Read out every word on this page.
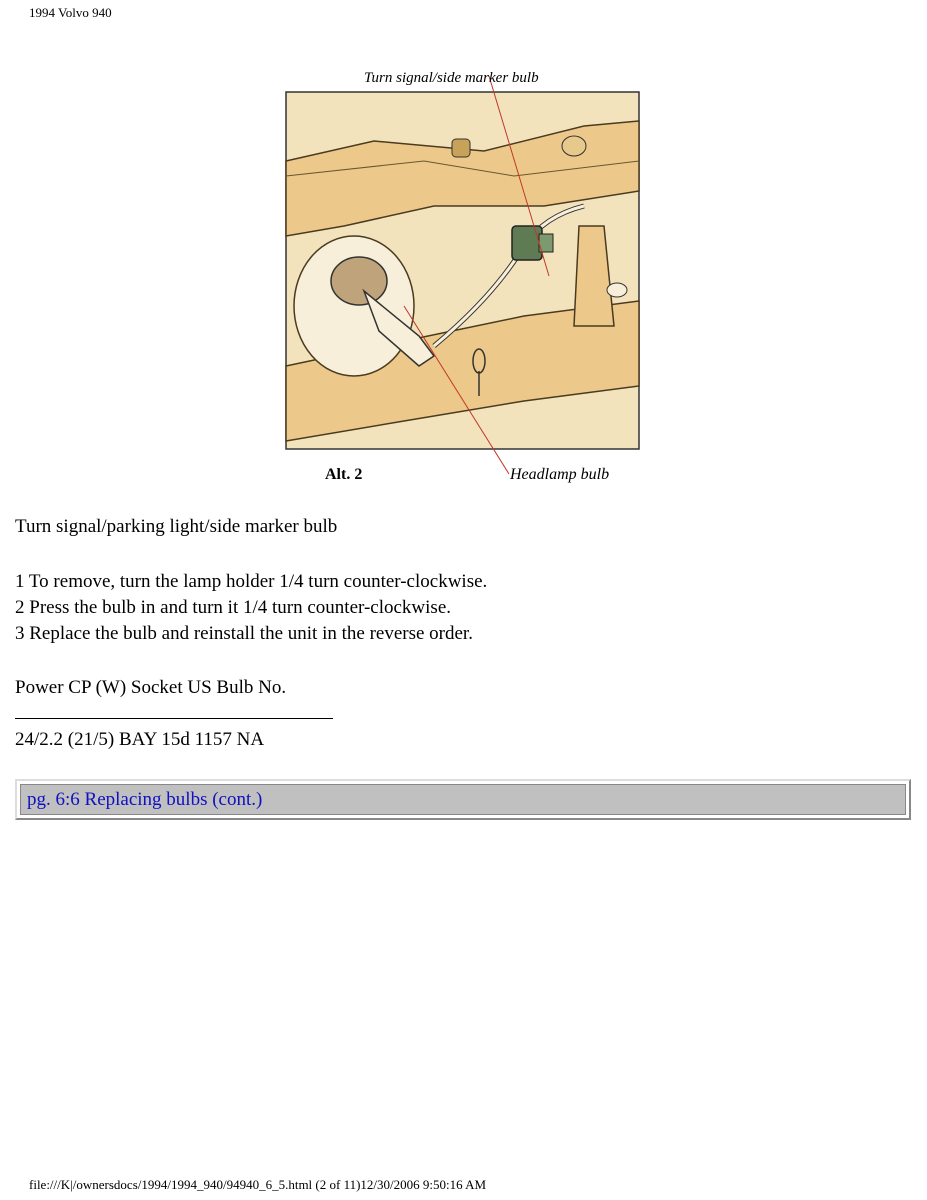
1994 Volvo 940
Turn signal/side marker bulb
Alt. 2	Headlamp bulb
Turn signal/parking light/side marker bulb
1 To remove, turn the lamp holder 1/4 turn counter-clockwise.
2 Press the bulb in and turn it 1/4 turn counter-clockwise.
3 Replace the bulb and reinstall the unit in the reverse order.
Power CP (W) Socket US Bulb No.
24/2.2 (21/5) BAY 15d 1157 NA
pg. 6:6 Replacing bulbs (cont.)
file:///K|/ownersdocs/1994/1994_940/94940_6_5.html (2 of 11)12/30/2006 9:50:16 AM
